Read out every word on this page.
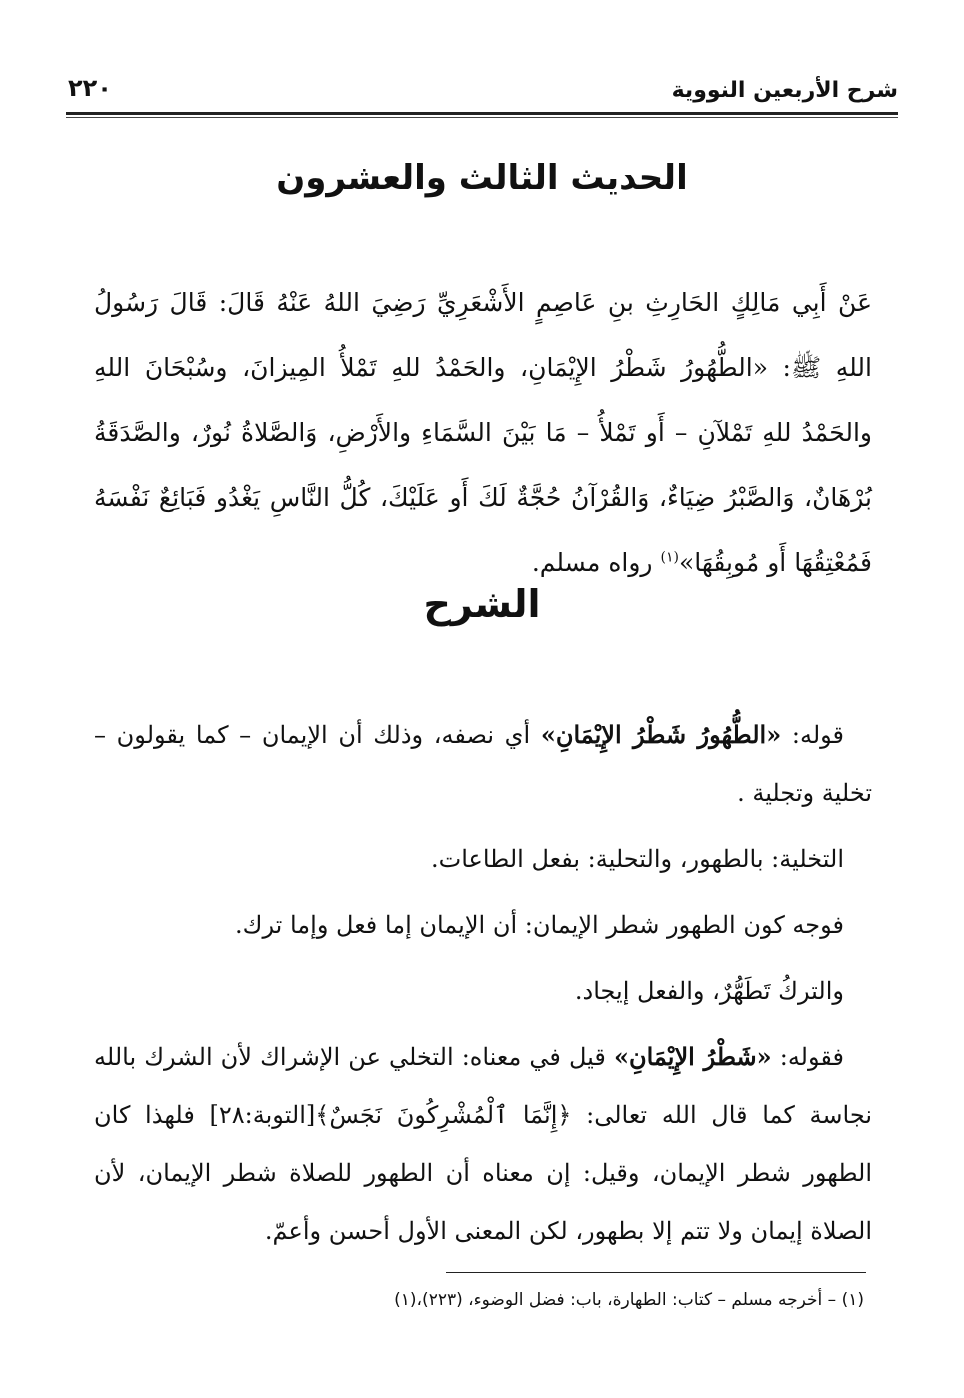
شرح الأربعين النووية
٢٢٠
الحديث الثالث والعشرون
عَنْ أَبِي مَالِكٍ الحَارِثِ بنِ عَاصِمٍ الأَشْعَرِيِّ رَضِيَ اللهُ عَنْهُ قَالَ: قَالَ رَسُولُ اللهِ ﷺ: «الطُّهُورُ شَطْرُ الإِيْمَانِ، والحَمْدُ للهِ تَمْلأُ المِيزانَ، وسُبْحَانَ اللهِ والحَمْدُ للهِ تَمْلآنِ – أَو تَمْلأُ – مَا بَيْنَ السَّمَاءِ والأَرْضِ، وَالصَّلاةُ نُورٌ، والصَّدَقَةُ بُرْهَانٌ، وَالصَّبْرُ ضِيَاءٌ، وَالقُرْآنُ حُجَّةٌ لَكَ أَو عَلَيْكَ، كُلُّ النَّاسِ يَغْدُو فَبَائِعٌ نَفْسَهُ فَمُعْتِقُهَا أَو مُوبِقُهَا»$^{(١)}$ رواه مسلم.
الشرح

قوله: «الطُّهُورُ شَطْرُ الإِيْمَانِ» أي نصفه، وذلك أن الإيمان – كما يقولون – تخلية وتجلية .

التخلية: بالطهور، والتحلية: بفعل الطاعات.

فوجه كون الطهور شطر الإيمان: أن الإيمان إما فعل وإما ترك.

والتركُ تَطَهُّرٌ، والفعل إيجاد.

فقوله: «شَطْرُ الإِيْمَانِ» قيل في معناه: التخلي عن الإشراك لأن الشرك بالله نجاسة كما قال الله تعالى: ﴿إِنَّمَا ٱلْمُشْرِكُونَ نَجَسٌ﴾[التوبة:٢٨] فلهذا كان الطهور شطر الإيمان، وقيل: إن معناه أن الطهور للصلاة شطر الإيمان، لأن الصلاة إيمان ولا تتم إلا بطهور، لكن المعنى الأول أحسن وأعمّ.

(١) – أخرجه مسلم – كتاب: الطهارة، باب: فضل الوضوء، (٢٢٣)،(١)
